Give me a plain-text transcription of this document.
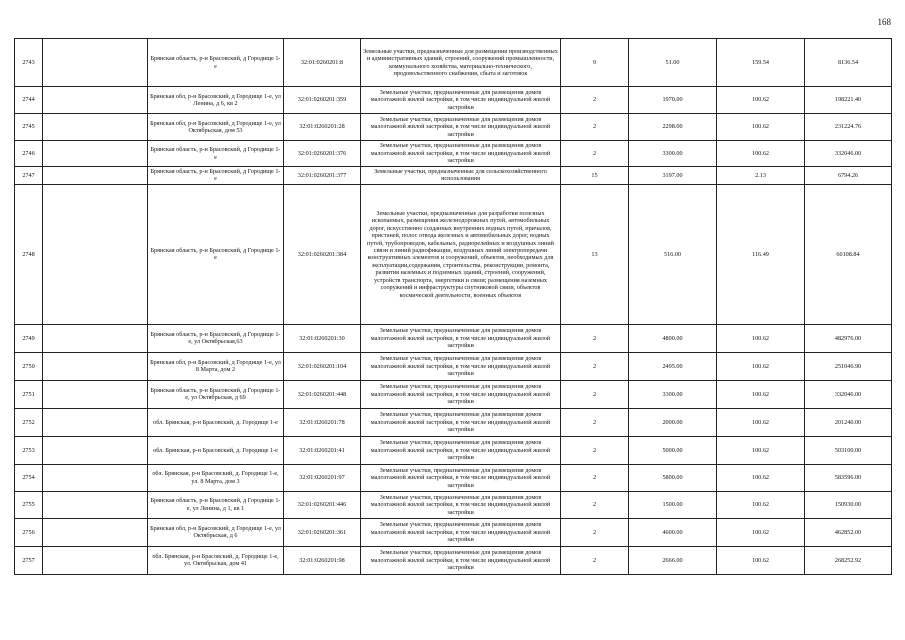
168
2743		Брянская область, р-н Брасовский, д Городище 1-е	32:01:0260201:8	Земельные участки, предназначенные для размещения производственных и административных зданий, строений, сооружений промышленности, коммунального хозяйства, материально-технического, продовольственного снабжения, сбыта и заготовок	9	51.00	159.54	8136.54
2744		Брянская обл, р-н Брасовский, д Городище 1-е, ул Ленина, д 6, кв 2	32:01:0260201:359	Земельные участки, предназначенные для размещения домов малоэтажной жилой застройки, в том числе индивидуальной жилой застройки	2	1970.00	100.62	198221.40
2745		Брянская обл, р-н Брасовский, д Городище 1-е, ул Октябрьская, дом 53	32:01:0260201:28	Земельные участки, предназначенные для размещения домов малоэтажной жилой застройки, в том числе индивидуальной жилой застройки	2	2298.00	100.62	231224.76
2746		Брянская область, р-н Брасовский, д Городище 1-е	32:01:0260201:376	Земельные участки, предназначенные для размещения домов малоэтажной жилой застройки, в том числе индивидуальной жилой застройки	2	3300.00	100.62	332046.00
2747		Брянская область, р-н Брасовский, д Городище 1-е	32:01:0260201:377	Земельные участки, предназначенные для сельскохозяйственного использования	15	3197.00	2.13	6794.26
2748		Брянская область, р-н Брасовский, д Городище 1-е	32:01:0260201:384	Земельные участки, предназначенные для разработки полезных ископаемых, размещения железнодорожных путей, автомобильных дорог, искусственно созданных внутренних водных путей, причалов, пристаней, полос отвода железных и автомобильных дорог, водных путей, трубопроводов, кабельных, радиорелейных и воздушных линий связи и линий радиофикации, воздушных линий электропередачи конструктивных элементов и сооружений, объектов, необходимых для эксплуатации,содержания, строительства, реконструкции, ремонта, развития наземных и подземных зданий, строений, сооружений, устройств транспорта, энергетики и связи; размещения наземных сооружений и инфраструктуры спутниковой связи, объектов космической деятельности, военных объектов	13	516.00	116.49	60108.84
2749		Брянская область, р-н Брасовский, д Городище 1-е, ул Октябрьская,63	32:01:0260201:30	Земельные участки, предназначенные для размещения домов малоэтажной жилой застройки, в том числе индивидуальной жилой застройки	2	4800.00	100.62	482976.00
2750		Брянская обл, р-н Брасовский, д Городище 1-е, ул 8 Марта, дом 2	32:01:0260201:104	Земельные участки, предназначенные для размещения домов малоэтажной жилой застройки, в том числе индивидуальной жилой застройки	2	2495.00	100.62	251046.90
2751		Брянская область, р-н Брасовский, д Городище 1-е, ул Октябрьская, д 69	32:01:0260201:448	Земельные участки, предназначенные для размещения домов малоэтажной жилой застройки, в том числе индивидуальной жилой застройки	2	3300.00	100.62	332046.00
2752		обл. Брянская, р-н Брасовский, д. Городище 1-е	32:01:0260201:78	Земельные участки, предназначенные для размещения домов малоэтажной жилой застройки, в том числе индивидуальной жилой застройки	2	2000.00	100.62	201240.00
2753		обл. Брянская, р-н Брасовский, д. Городище 1-е	32:01:0260201:41	Земельные участки, предназначенные для размещения домов малоэтажной жилой застройки, в том числе индивидуальной жилой застройки	2	5000.00	100.62	503100.00
2754		обл. Брянская, р-н Брасовский, д. Городище 1-е, ул. 8 Марта, дом 3	32:01:0260201:97	Земельные участки, предназначенные для размещения домов малоэтажной жилой застройки, в том числе индивидуальной жилой застройки	2	5800.00	100.62	583596.00
2755		Брянская область, р-н Брасовский, д Городище 1-е, ул Ленина, д 1, кв 1	32:01:0260201:446	Земельные участки, предназначенные для размещения домов малоэтажной жилой застройки, в том числе индивидуальной жилой застройки	2	1500.00	100.62	150930.00
2756		Брянская обл, р-н Брасовский, д Городище 1-е, ул Октябрьская, д 6	32:01:0260201:361	Земельные участки, предназначенные для размещения домов малоэтажной жилой застройки, в том числе индивидуальной жилой застройки	2	4600.00	100.62	462852.00
2757		обл. Брянская, р-н Брасовский, д. Городище 1-е, ул. Октябрьская, дом 41	32:01:0260201:98	Земельные участки, предназначенные для размещения домов малоэтажной жилой застройки, в том числе индивидуальной жилой застройки	2	2666.00	100.62	268252.92
